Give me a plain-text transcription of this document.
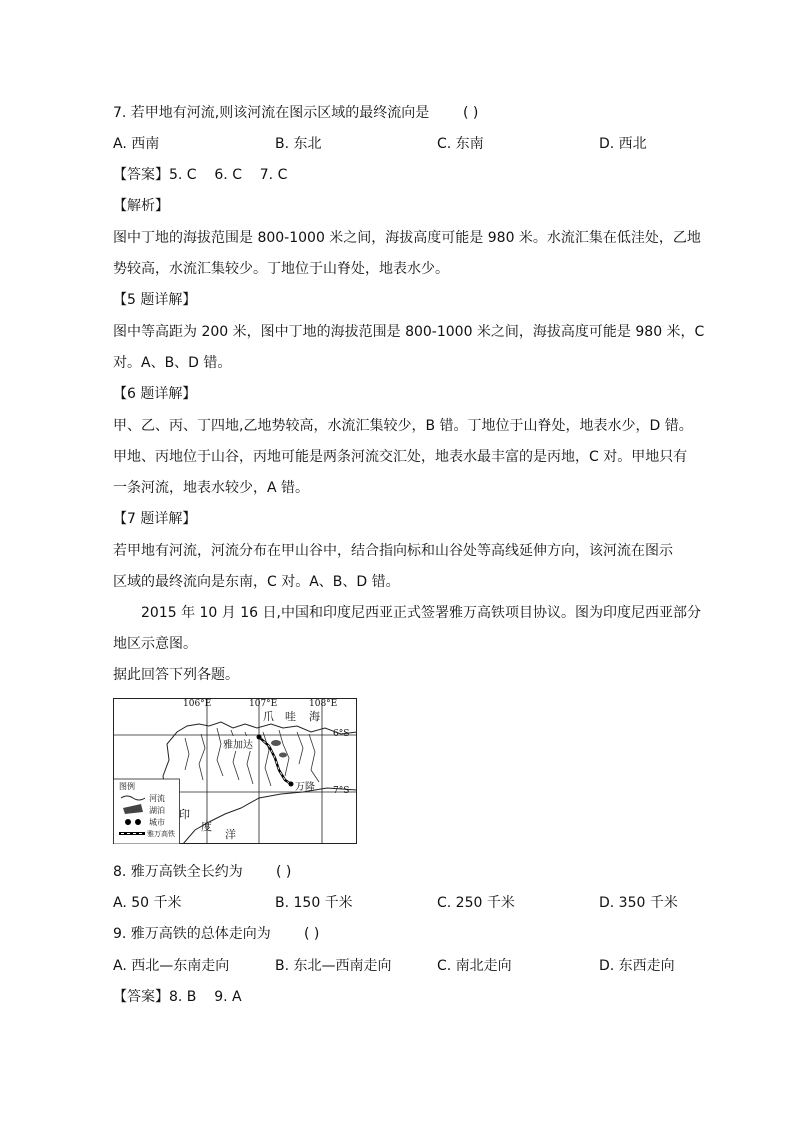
7. 若甲地有河流,则该河流在图示区域的最终流向是 ( )
A. 西南	B. 东北	C. 东南	D. 西北
【答案】5. C    6. C    7. C
【解析】
图中丁地的海拔范围是 800-1000 米之间，海拔高度可能是 980 米。水流汇集在低洼处，乙地
势较高，水流汇集较少。丁地位于山脊处，地表水少。
【5 题详解】
图中等高距为 200 米，图中丁地的海拔范围是 800-1000 米之间，海拔高度可能是 980 米，C
对。A、B、D 错。
【6 题详解】
甲、乙、丙、丁四地,乙地势较高，水流汇集较少，B 错。丁地位于山脊处，地表水少，D 错。
甲地、丙地位于山谷，丙地可能是两条河流交汇处，地表水最丰富的是丙地，C 对。甲地只有
一条河流，地表水较少，A 错。
【7 题详解】
若甲地有河流，河流分布在甲山谷中，结合指向标和山谷处等高线延伸方向，该河流在图示
区域的最终流向是东南，C 对。A、B、D 错。
2015 年 10 月 16 日,中国和印度尼西亚正式签署雅万高铁项目协议。图为印度尼西亚部分
地区示意图。
据此回答下列各题。
106°E	107°E	108°E
6°S
7°S
爪 哇 海
印
度
洋
雅加达
万隆
图例
河流
湖泊
城市
雅万高铁
8. 雅万高铁全长约为 ( )
A. 50 千米	B. 150 千米	C. 250 千米	D. 350 千米
9. 雅万高铁的总体走向为 ( )
A. 西北—东南走向	B. 东北—西南走向	C. 南北走向	D. 东西走向
【答案】8. B    9. A
